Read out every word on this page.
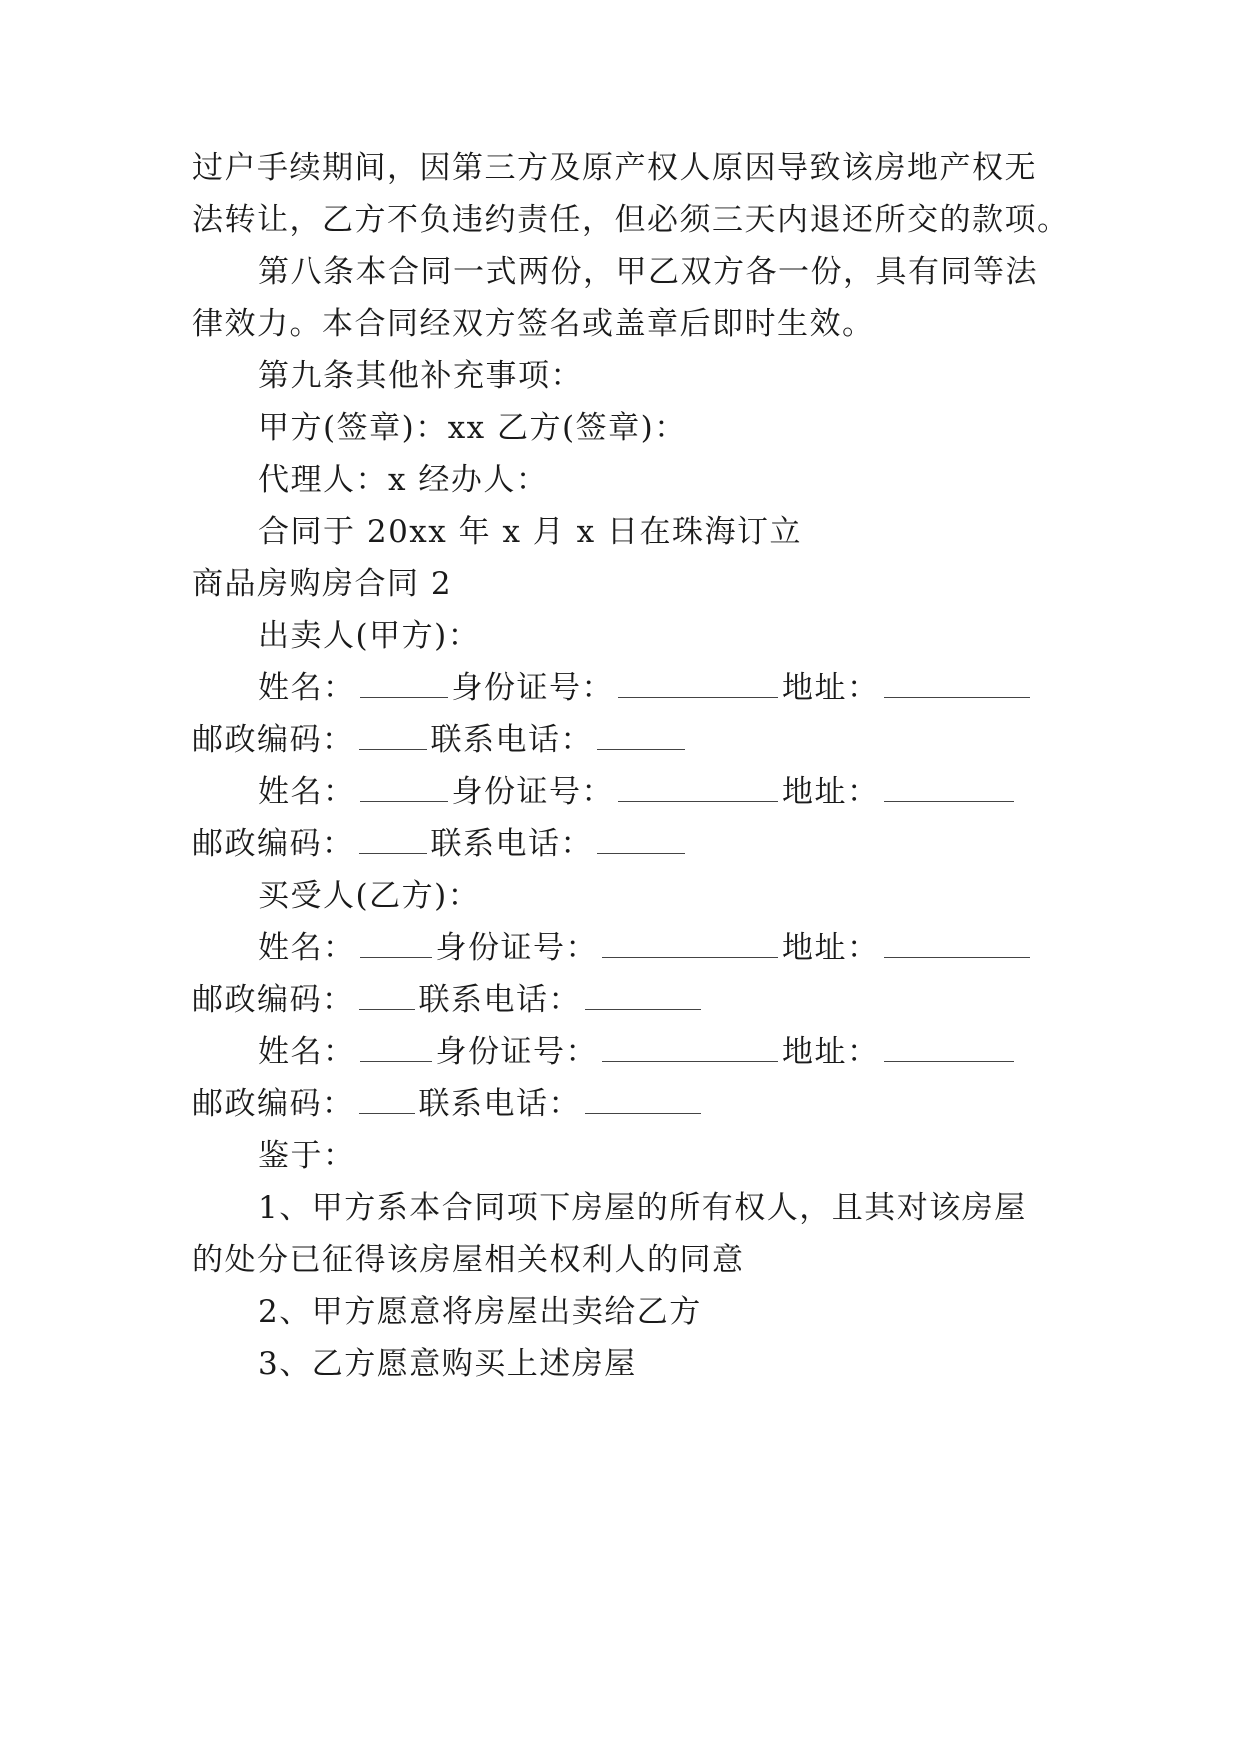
过户手续期间，因第三方及原产权人原因导致该房地产权无
法转让，乙方不负违约责任，但必须三天内退还所交的款项。
第八条本合同一式两份，甲乙双方各一份，具有同等法
律效力。本合同经双方签名或盖章后即时生效。
第九条其他补充事项：
甲方(签章)：xx 乙方(签章)：
代理人：x 经办人：
合同于 20xx 年 x 月 x 日在珠海订立
商品房购房合同 2
出卖人(甲方)：
姓名：	身份证号：	地址：
邮政编码： 联系电话：
姓名：	身份证号：	地址：
邮政编码： 联系电话：
买受人(乙方)：
姓名：	身份证号：	地址：
邮政编码： 联系电话：
姓名：	身份证号：	地址：
邮政编码： 联系电话：
鉴于：
1、甲方系本合同项下房屋的所有权人，且其对该房屋
的处分已征得该房屋相关权利人的同意
2、甲方愿意将房屋出卖给乙方
3、乙方愿意购买上述房屋
